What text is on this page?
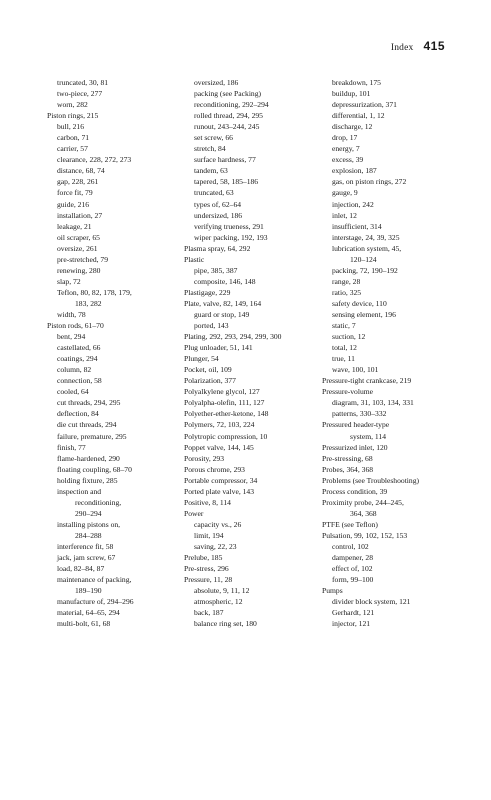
Index 415
truncated, 30, 81
two-piece, 277
worn, 282
Piston rings, 215
bull, 216
carbon, 71
carrier, 57
clearance, 228, 272, 273
distance, 68, 74
gap, 228, 261
force fit, 79
guide, 216
installation, 27
leakage, 21
oil scraper, 65
oversize, 261
pre-stretched, 79
renewing, 280
slap, 72
Teflon, 80, 82, 178, 179,
183, 282
width, 78
Piston rods, 61–70
bent, 294
castellated, 66
coatings, 294
column, 82
connection, 58
cooled, 64
cut threads, 294, 295
deflection, 84
die cut threads, 294
failure, premature, 295
finish, 77
flame-hardened, 290
floating coupling, 68–70
holding fixture, 285
inspection and
reconditioning,
290–294
installing pistons on,
284–288
interference fit, 58
jack, jam screw, 67
load, 82–84, 87
maintenance of packing,
189–190
manufacture of, 294–296
material, 64–65, 294
multi-bolt, 61, 68
oversized, 186
packing (see Packing)
reconditioning, 292–294
rolled thread, 294, 295
runout, 243–244, 245
set screw, 66
stretch, 84
surface hardness, 77
tandem, 63
tapered, 58, 185–186
truncated, 63
types of, 62–64
undersized, 186
verifying trueness, 291
wiper packing, 192, 193
Plasma spray, 64, 292
Plastic
pipe, 385, 387
composite, 146, 148
Plastigage, 229
Plate, valve, 82, 149, 164
guard or stop, 149
ported, 143
Plating, 292, 293, 294, 299, 300
Plug unloader, 51, 141
Plunger, 54
Pocket, oil, 109
Polarization, 377
Polyalkylene glycol, 127
Polyalpha-olefin, 111, 127
Polyether-ether-ketone, 148
Polymers, 72, 103, 224
Polytropic compression, 10
Poppet valve, 144, 145
Porosity, 293
Porous chrome, 293
Portable compressor, 34
Ported plate valve, 143
Positive, 8, 114
Power
capacity vs., 26
limit, 194
saving, 22, 23
Prelube, 185
Pre-stress, 296
Pressure, 11, 28
absolute, 9, 11, 12
atmospheric, 12
back, 187
balance ring set, 180
breakdown, 175
buildup, 101
depressurization, 371
differential, 1, 12
discharge, 12
drop, 17
energy, 7
excess, 39
explosion, 187
gas, on piston rings, 272
gauge, 9
injection, 242
inlet, 12
insufficient, 314
interstage, 24, 39, 325
lubrication system, 45,
120–124
packing, 72, 190–192
range, 28
ratio, 325
safety device, 110
sensing element, 196
static, 7
suction, 12
total, 12
true, 11
wave, 100, 101
Pressure-tight crankcase, 219
Pressure-volume
diagram, 31, 103, 134, 331
patterns, 330–332
Pressured header-type
system, 114
Pressurized inlet, 120
Pre-stressing, 68
Probes, 364, 368
Problems (see Troubleshooting)
Process condition, 39
Proximity probe, 244–245,
364, 368
PTFE (see Teflon)
Pulsation, 99, 102, 152, 153
control, 102
dampener, 28
effect of, 102
form, 99–100
Pumps
divider block system, 121
Gerhardt, 121
injector, 121
